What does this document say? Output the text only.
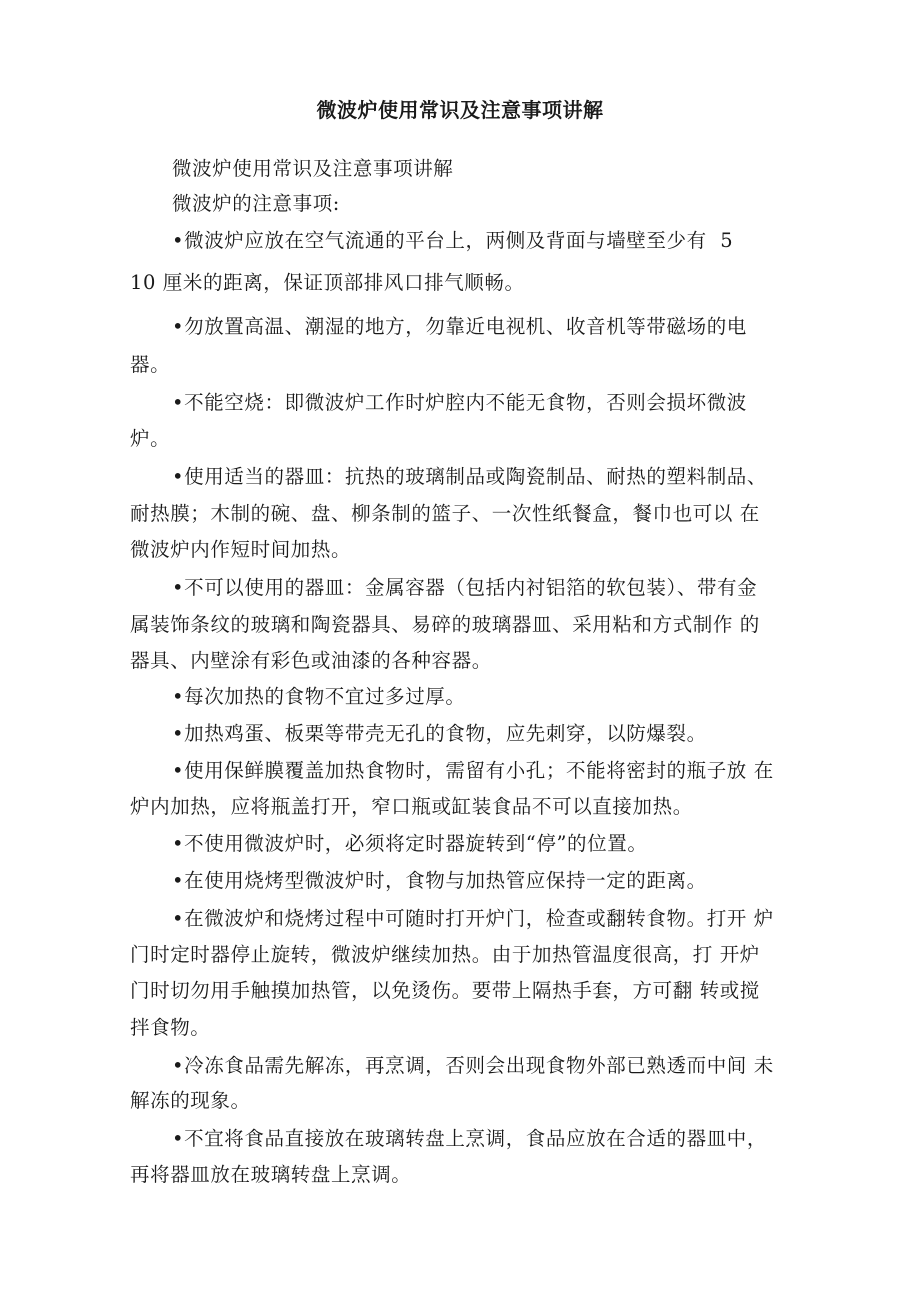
微波炉使用常识及注意事项讲解
微波炉使用常识及注意事项讲解
微波炉的注意事项:
•微波炉应放在空气流通的平台上，两侧及背面与墙壁至少有  5
10 厘米的距离，保证顶部排风口排气顺畅。
•勿放置高温、潮湿的地方，勿靠近电视机、收音机等带磁场的电
器。
•不能空烧：即微波炉工作时炉腔内不能无食物，否则会损坏微波
炉。
•使用适当的器皿：抗热的玻璃制品或陶瓷制品、耐热的塑料制品、
耐热膜；木制的碗、盘、柳条制的篮子、一次性纸餐盒，餐巾也可以 在
微波炉内作短时间加热。
•不可以使用的器皿：金属容器（包括内衬铝箔的软包装）、带有金
属装饰条纹的玻璃和陶瓷器具、易碎的玻璃器皿、采用粘和方式制作 的
器具、内壁涂有彩色或油漆的各种容器。
•每次加热的食物不宜过多过厚。
•加热鸡蛋、板栗等带壳无孔的食物，应先刺穿，以防爆裂。
•使用保鲜膜覆盖加热食物时，需留有小孔；不能将密封的瓶子放 在
炉内加热，应将瓶盖打开，窄口瓶或缸装食品不可以直接加热。
•不使用微波炉时，必须将定时器旋转到“停”的位置。
•在使用烧烤型微波炉时，食物与加热管应保持一定的距离。
•在微波炉和烧烤过程中可随时打开炉门，检查或翻转食物。打开 炉
门时定时器停止旋转，微波炉继续加热。由于加热管温度很高，打 开炉
门时切勿用手触摸加热管，以免烫伤。要带上隔热手套，方可翻 转或搅
拌食物。
•冷冻食品需先解冻，再烹调，否则会出现食物外部已熟透而中间 未
解冻的现象。
•不宜将食品直接放在玻璃转盘上烹调，食品应放在合适的器皿中，
再将器皿放在玻璃转盘上烹调。
